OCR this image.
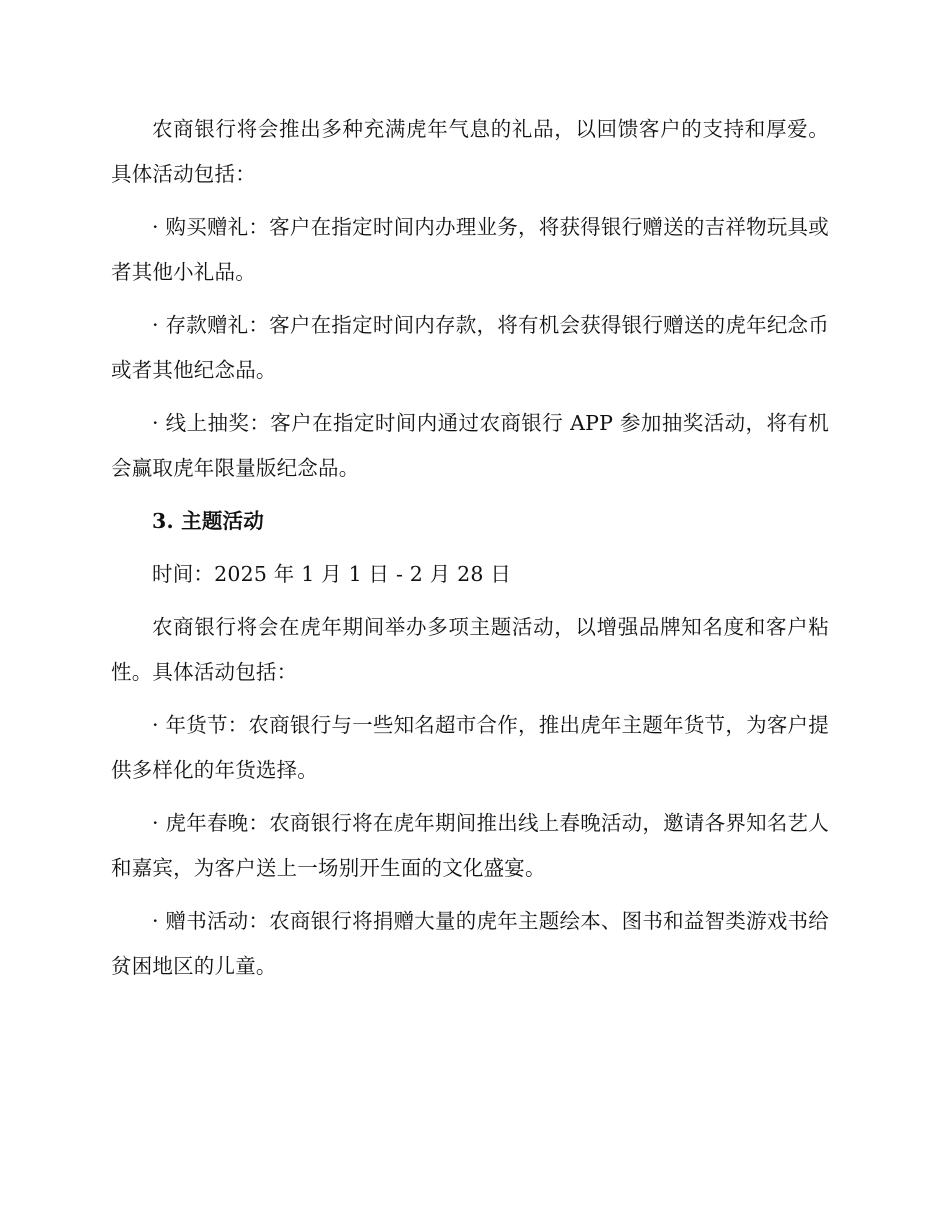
农商银行将会推出多种充满虎年气息的礼品，以回馈客户的支持和厚爱。具体活动包括：

· 购买赠礼：客户在指定时间内办理业务，将获得银行赠送的吉祥物玩具或者其他小礼品。

· 存款赠礼：客户在指定时间内存款，将有机会获得银行赠送的虎年纪念币或者其他纪念品。

· 线上抽奖：客户在指定时间内通过农商银行 APP 参加抽奖活动，将有机会赢取虎年限量版纪念品。

3. 主题活动

时间：2025 年 1 月 1 日 - 2 月 28 日

农商银行将会在虎年期间举办多项主题活动，以增强品牌知名度和客户粘性。具体活动包括：

· 年货节：农商银行与一些知名超市合作，推出虎年主题年货节，为客户提供多样化的年货选择。

· 虎年春晚：农商银行将在虎年期间推出线上春晚活动，邀请各界知名艺人和嘉宾，为客户送上一场别开生面的文化盛宴。

· 赠书活动：农商银行将捐赠大量的虎年主题绘本、图书和益智类游戏书给贫困地区的儿童。
